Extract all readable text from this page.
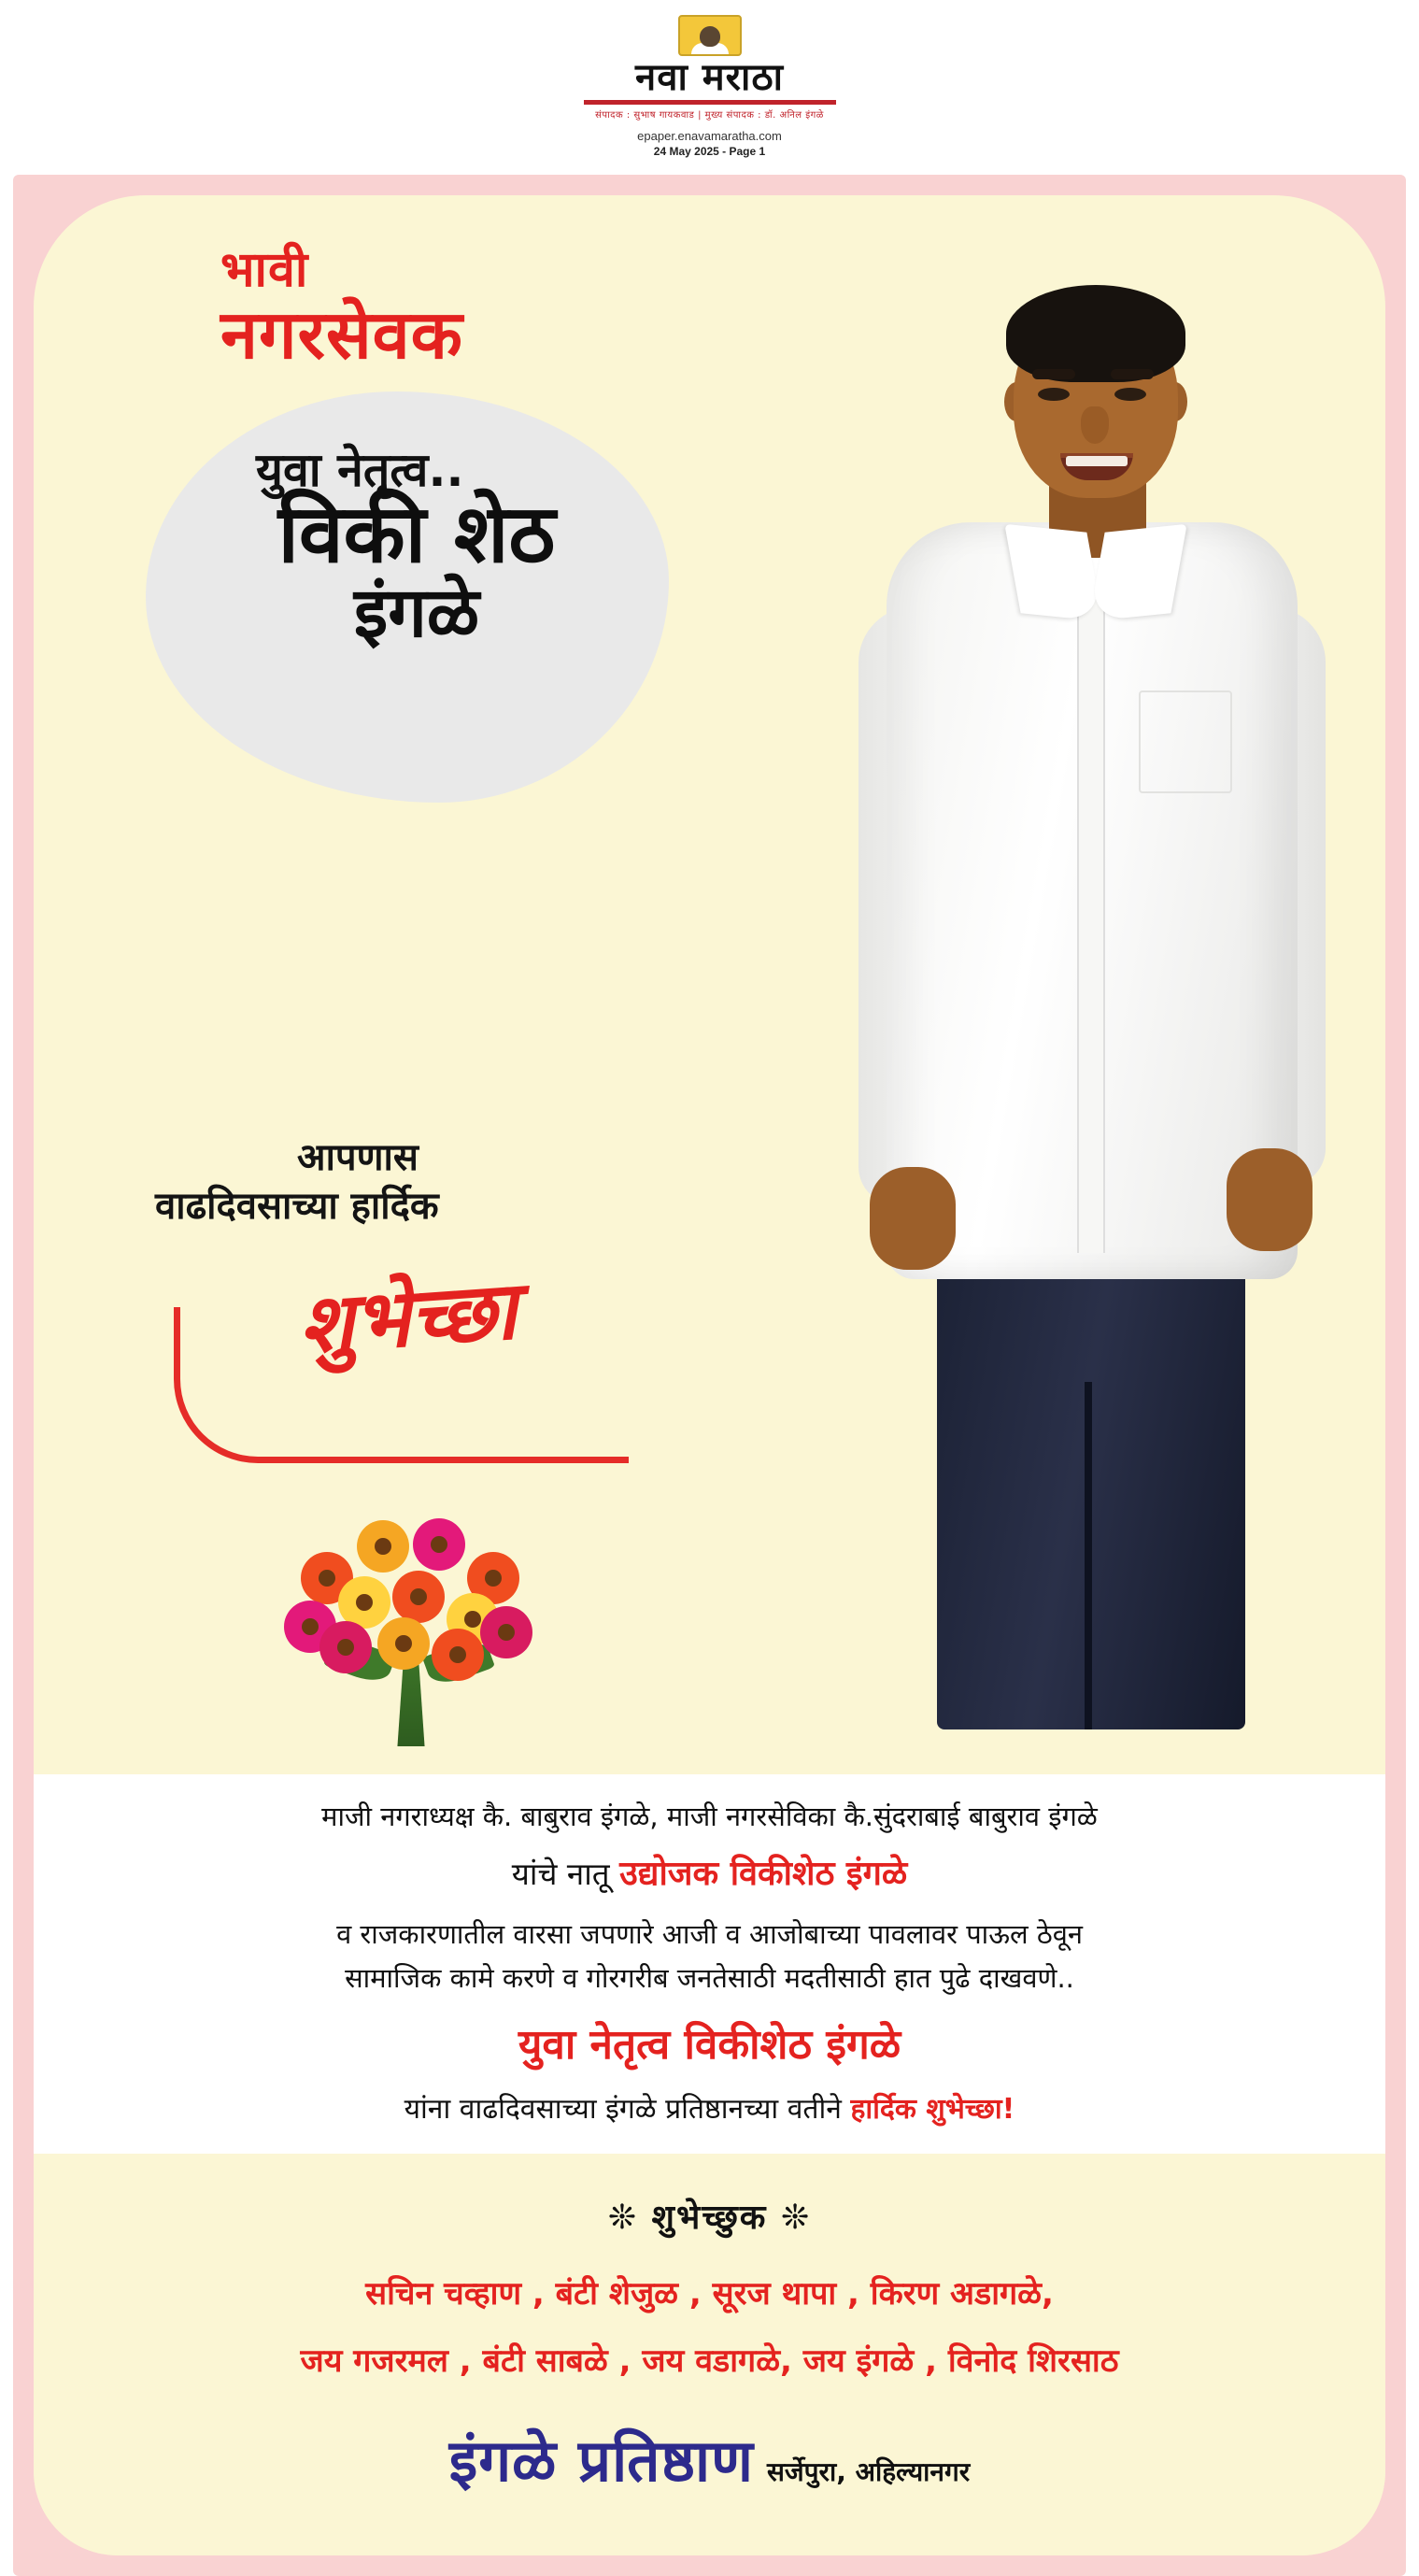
नवा मराठा
संपादक : सुभाष गायकवाड | मुख्य संपादक : डॉ. अनिल इंगळे
epaper.enavamaratha.com
24 May 2025 - Page 1
भावी
नगरसेवक
युवा नेतृत्व..
विकी शेठ
इंगळे
आपणास
वाढदिवसाच्या हार्दिक
शुभेच्छा
माजी नगराध्यक्ष कै. बाबुराव इंगळे, माजी नगरसेविका कै.सुंदराबाई बाबुराव इंगळे
यांचे नातू उद्योजक विकीशेठ इंगळे
व राजकारणातील वारसा जपणारे आजी व आजोबाच्या पावलावर पाऊल ठेवून
सामाजिक कामे करणे व गोरगरीब जनतेसाठी मदतीसाठी हात पुढे दाखवणे..
युवा नेतृत्व विकीशेठ इंगळे
यांना वाढदिवसाच्या इंगळे प्रतिष्ठानच्या वतीने हार्दिक शुभेच्छा!
❊ शुभेच्छुक ❊
सचिन चव्हाण , बंटी शेजुळ , सूरज थापा , किरण अडागळे,
जय गजरमल , बंटी साबळे , जय वडागळे, जय इंगळे , विनोद शिरसाठ
इंगळे प्रतिष्ठाण सर्जेपुरा, अहिल्यानगर
